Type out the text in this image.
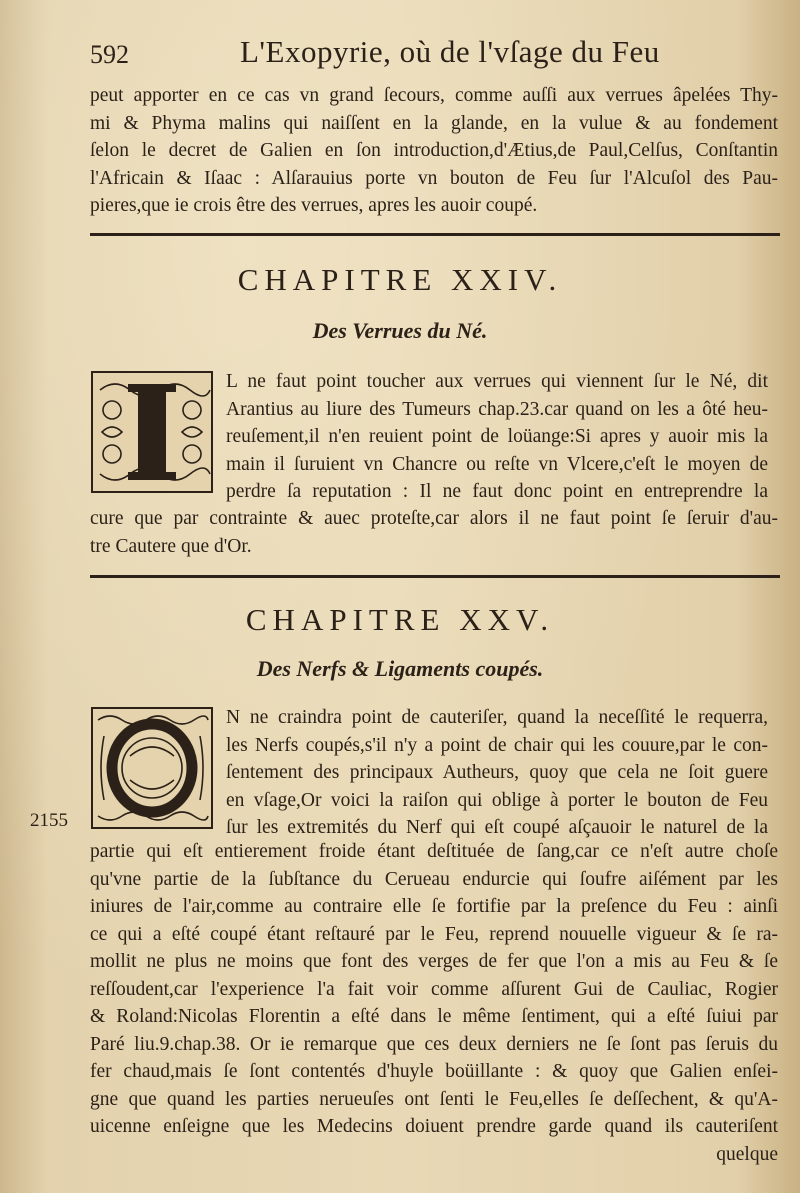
592	L'Exopyrie, où de l'vſage du Feu
peut apporter en ce cas vn grand ſecours, comme auſſi aux verrues âpelées Thy-
mi & Phyma malins qui naiſſent en la glande, en la vulue & au fondement
ſelon le decret de Galien en ſon introduction,d'Ætius,de Paul,Celſus, Conſtantin
l'Africain & Iſaac : Alſarauius porte vn bouton de Feu ſur l'Alcuſol des Pau-
pieres,que ie crois être des verrues, apres les auoir coupé.
CHAPITRE XXIV.
Des Verrues du Né.
L ne faut point toucher aux verrues qui viennent ſur le Né, dit
Arantius au liure des Tumeurs chap.23.car quand on les a ôté heu-
reuſement,il n'en reuient point de loüange:Si apres y auoir mis la
main il ſuruient vn Chancre ou reſte vn Vlcere,c'eſt le moyen de
perdre ſa reputation : Il ne faut donc point en entreprendre la
cure que par contrainte & auec proteſte,car alors il ne faut point ſe ſeruir d'au-
tre Cautere que d'Or.
CHAPITRE XXV.
Des Nerfs & Ligaments coupés.
N ne craindra point de cauteriſer, quand la neceſſité le requerra,
les Nerfs coupés,s'il n'y a point de chair qui les couure,par le con-
ſentement des principaux Autheurs, quoy que cela ne ſoit guere
en vſage,Or voici la raiſon qui oblige à porter le bouton de Feu
ſur les extremités du Nerf qui eſt coupé aſçauoir le naturel de la
2155
partie qui eſt entierement froide étant deſtituée de ſang,car ce n'eſt autre choſe
qu'vne partie de la ſubſtance du Cerueau endurcie qui ſoufre aiſément par les
iniures de l'air,comme au contraire elle ſe fortifie par la preſence du Feu : ainſi
ce qui a eſté coupé étant reſtauré par le Feu, reprend nouuelle vigueur & ſe ra-
mollit ne plus ne moins que font des verges de fer que l'on a mis au Feu & ſe
reſſoudent,car l'experience l'a fait voir comme aſſurent Gui de Cauliac, Rogier
& Roland:Nicolas Florentin a eſté dans le même ſentiment, qui a eſté ſuiui par
Paré liu.9.chap.38. Or ie remarque que ces deux derniers ne ſe ſont pas ſeruis du
fer chaud,mais ſe ſont contentés d'huyle boüillante : & quoy que Galien enſei-
gne que quand les parties nerueuſes ont ſenti le Feu,elles ſe deſſechent, & qu'A-
uicenne enſeigne que les Medecins doiuent prendre garde quand ils cauteriſent
quelque
